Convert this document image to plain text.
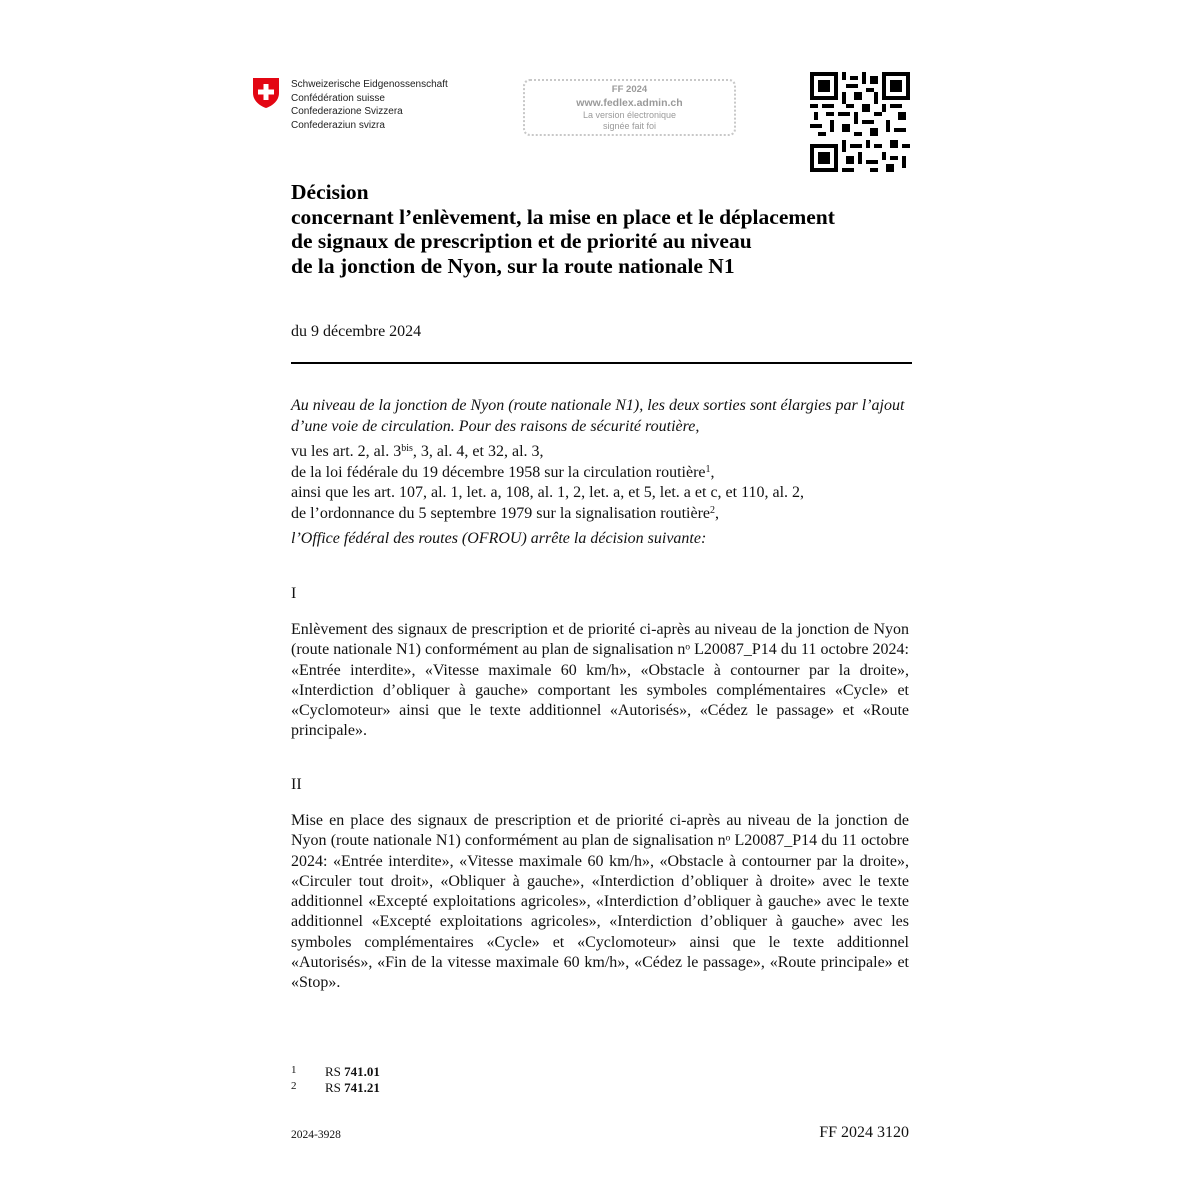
Schweizerische Eidgenossenschaft
Confédération suisse
Confederazione Svizzera
Confederaziun svizra
FF 2024
www.fedlex.admin.ch
La version électronique
signée fait foi
Décision
concernant l’enlèvement, la mise en place et le déplacement
de signaux de prescription et de priorité au niveau
de la jonction de Nyon, sur la route nationale N1
du 9 décembre 2024
Au niveau de la jonction de Nyon (route nationale N1), les deux sorties sont élargies par l’ajout d’une voie de circulation. Pour des raisons de sécurité routière,
vu les art. 2, al. $3^{bis}$, 3, al. 4, et 32, al. 3,
de la loi fédérale du 19 décembre 1958 sur la circulation routière$^1$,
ainsi que les art. 107, al. 1, let. a, 108, al. 1, 2, let. a, et 5, let. a et c, et 110, al. 2,
de l’ordonnance du 5 septembre 1979 sur la signalisation routière$^2$,
l’Office fédéral des routes (OFROU) arrête la décision suivante:
I
Enlèvement des signaux de prescription et de priorité ci-après au niveau de la jonction de Nyon (route nationale N1) conformément au plan de signalisation nᵒ L20087_P14 du 11 octobre 2024: «Entrée interdite», «Vitesse maximale 60 km/h», «Obstacle à contourner par la droite», «Interdiction d’obliquer à gauche» comportant les symboles complémentaires «Cycle» et «Cyclomoteur» ainsi que le texte additionnel «Autorisés», «Cédez le passage» et «Route principale».
II
Mise en place des signaux de prescription et de priorité ci-après au niveau de la jonction de Nyon (route nationale N1) conformément au plan de signalisation nᵒ L20087_P14 du 11 octobre 2024: «Entrée interdite», «Vitesse maximale 60 km/h», «Obstacle à contourner par la droite», «Circuler tout droit», «Obliquer à gauche», «Interdiction d’obliquer à droite» avec le texte additionnel «Excepté exploitations agricoles», «Interdiction d’obliquer à gauche» avec le texte additionnel «Excepté exploitations agricoles», «Interdiction d’obliquer à gauche» avec les symboles complémentaires «Cycle» et «Cyclomoteur» ainsi que le texte additionnel «Autorisés», «Fin de la vitesse maximale 60 km/h», «Cédez le passage», «Route principale» et «Stop».
1 RS 741.01
2 RS 741.21
2024-3928	FF 2024 3120
